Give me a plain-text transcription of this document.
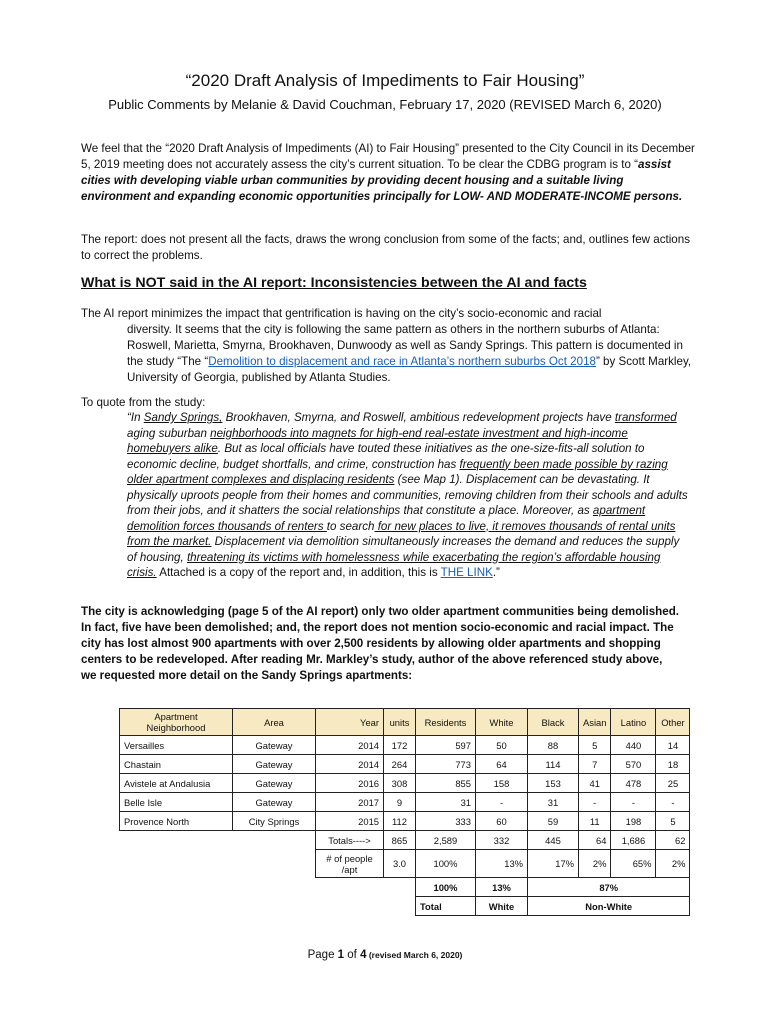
“2020 Draft Analysis of Impediments to Fair Housing”
Public Comments by Melanie & David Couchman, February 17, 2020 (REVISED March 6, 2020)
We feel that the “2020 Draft Analysis of Impediments (AI) to Fair Housing” presented to the City Council in its December 5, 2019 meeting does not accurately assess the city’s current situation. To be clear the CDBG program is to “assist cities with developing viable urban communities by providing decent housing and a suitable living environment and expanding economic opportunities principally for LOW- AND MODERATE-INCOME persons.
The report: does not present all the facts, draws the wrong conclusion from some of the facts; and, outlines few actions to correct the problems.
What is NOT said in the AI report: Inconsistencies between the AI and facts
The AI report minimizes the impact that gentrification is having on the city’s socio-economic and racial
diversity. It seems that the city is following the same pattern as others in the northern suburbs of Atlanta: Roswell, Marietta, Smyrna, Brookhaven, Dunwoody as well as Sandy Springs. This pattern is documented in the study “The “Demolition to displacement and race in Atlanta’s northern suburbs Oct 2018” by Scott Markley, University of Georgia, published by Atlanta Studies.
To quote from the study:
“In Sandy Springs, Brookhaven, Smyrna, and Roswell, ambitious redevelopment projects have transformed aging suburban neighborhoods into magnets for high-end real-estate investment and high-income homebuyers alike. But as local officials have touted these initiatives as the one-size-fits-all solution to economic decline, budget shortfalls, and crime, construction has frequently been made possible by razing older apartment complexes and displacing residents (see Map 1). Displacement can be devastating. It physically uproots people from their homes and communities, removing children from their schools and adults from their jobs, and it shatters the social relationships that constitute a place. Moreover, as apartment demolition forces thousands of renters to search for new places to live, it removes thousands of rental units from the market. Displacement via demolition simultaneously increases the demand and reduces the supply of housing, threatening its victims with homelessness while exacerbating the region’s affordable housing crisis. Attached is a copy of the report and, in addition, this is THE LINK.”
The city is acknowledging (page 5 of the AI report) only two older apartment communities being demolished. In fact, five have been demolished; and, the report does not mention socio-economic and racial impact. The city has lost almost 900 apartments with over 2,500 residents by allowing older apartments and shopping centers to be redeveloped. After reading Mr. Markley’s study, author of the above referenced study above, we requested more detail on the Sandy Springs apartments:
Apartment Neighborhood	Area	Year	units	Residents	White	Black	Asian	Latino	Other
Versailles	Gateway	2014	172	597	50	88	5	440	14
Chastain	Gateway	2014	264	773	64	114	7	570	18
Avistele at Andalusia	Gateway	2016	308	855	158	153	41	478	25
Belle Isle	Gateway	2017	9	31	-	31	-	-	-
Provence North	City Springs	2015	112	333	60	59	11	198	5
		Totals---->	865	2,589	332	445	64	1,686	62
		# of people /apt	3.0	100%	13%	17%	2%	65%	2%
				100%	13%	87%			
				Total	White	Non-White			
Page 1 of 4 (revised March 6, 2020)
